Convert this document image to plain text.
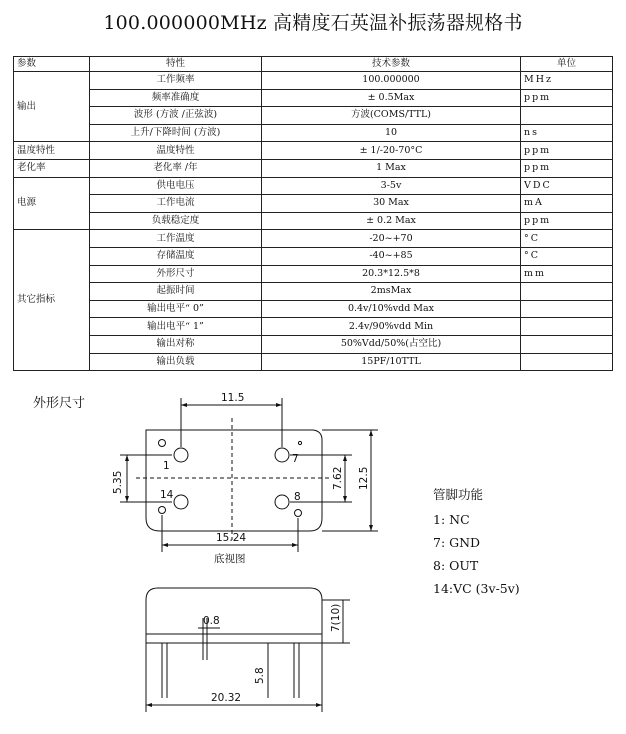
100.000000MHz 高精度石英温补振荡器规格书
参数	特性	技术参数	单位
输出	工作频率	100.000000	MHz
	频率准确度	± 0.5Max	ppm
	波形 (方波 /正弦波)	方波(COMS/TTL)	
	上升/下降时间 (方波)	10	ns
温度特性	温度特性	± 1/-20-70°C	ppm
老化率	老化率 /年	1 Max	ppm
电源	供电电压	3-5v	VDC
	工作电流	30 Max	mA
	负载稳定度	± 0.2 Max	ppm
其它指标	工作温度	-20~+70	°C
	存储温度	-40~+85	°C
	外形尺寸	20.3*12.5*8	mm
	起振时间	2msMax	
	输出电平“ 0”	0.4v/10%vdd Max	
	输出电平“ 1”	2.4v/90%vdd Min	
	输出对称	50%Vdd/50%(占空比)	
	输出负载	15PF/10TTL	
外形尺寸	11.5
15.24
5.35	7.62 12.5
1
7
14	8
底视图
0.8	7(10)
5.8
20.32
管脚功能
1: NC
7: GND
8: OUT
14:VC (3v-5v)
